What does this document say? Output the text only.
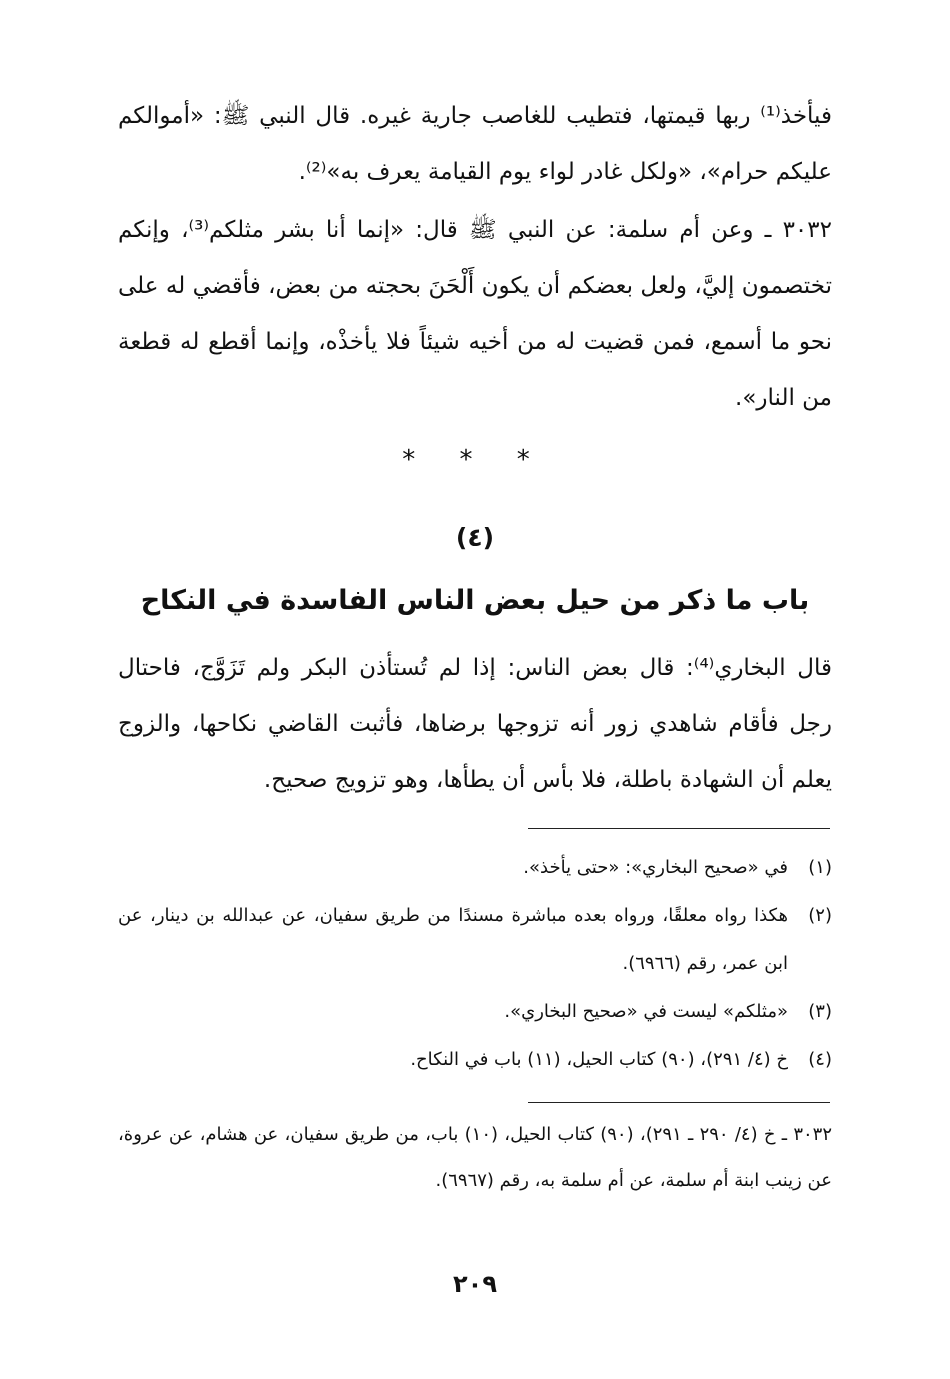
فيأخذ⁽¹⁾ ربها قيمتها، فتطيب للغاصب جارية غيره. قال النبي ﷺ: «أموالكم عليكم حرام»، «ولكل غادر لواء يوم القيامة يعرف به»⁽²⁾.
٣٠٣٢ ـ وعن أم سلمة: عن النبي ﷺ قال: «إنما أنا بشر مثلكم⁽³⁾، وإنكم تختصمون إليَّ، ولعل بعضكم أن يكون أَلْحَنَ بحجته من بعض، فأقضي له على نحو ما أسمع، فمن قضيت له من أخيه شيئاً فلا يأخذْه، وإنما أقطع له قطعة من النار».
* * *
(٤)
باب ما ذكر من حيل بعض الناس الفاسدة في النكاح
قال البخاري⁽⁴⁾: قال بعض الناس: إذا لم تُستأذن البكر ولم تَزَوَّج، فاحتال رجل فأقام شاهدي زور أنه تزوجها برضاها، فأثبت القاضي نكاحها، والزوج يعلم أن الشهادة باطلة، فلا بأس أن يطأها، وهو تزويج صحيح.
(١)
في «صحيح البخاري»: «حتى يأخذ».
(٢)
هكذا رواه معلقًا، ورواه بعده مباشرة مسندًا من طريق سفيان، عن عبدالله بن دينار، عن ابن عمر، رقم (٦٩٦٦).
(٣)
«مثلكم» ليست في «صحيح البخاري».
(٤)
خ (٤/ ٢٩١)، (٩٠) كتاب الحيل، (١١) باب في النكاح.
٣٠٣٢ ـ خ (٤/ ٢٩٠ ـ ٢٩١)، (٩٠) كتاب الحيل، (١٠) باب، من طريق سفيان، عن هشام، عن عروة، عن زينب ابنة أم سلمة، عن أم سلمة به، رقم (٦٩٦٧).
٢٠٩
